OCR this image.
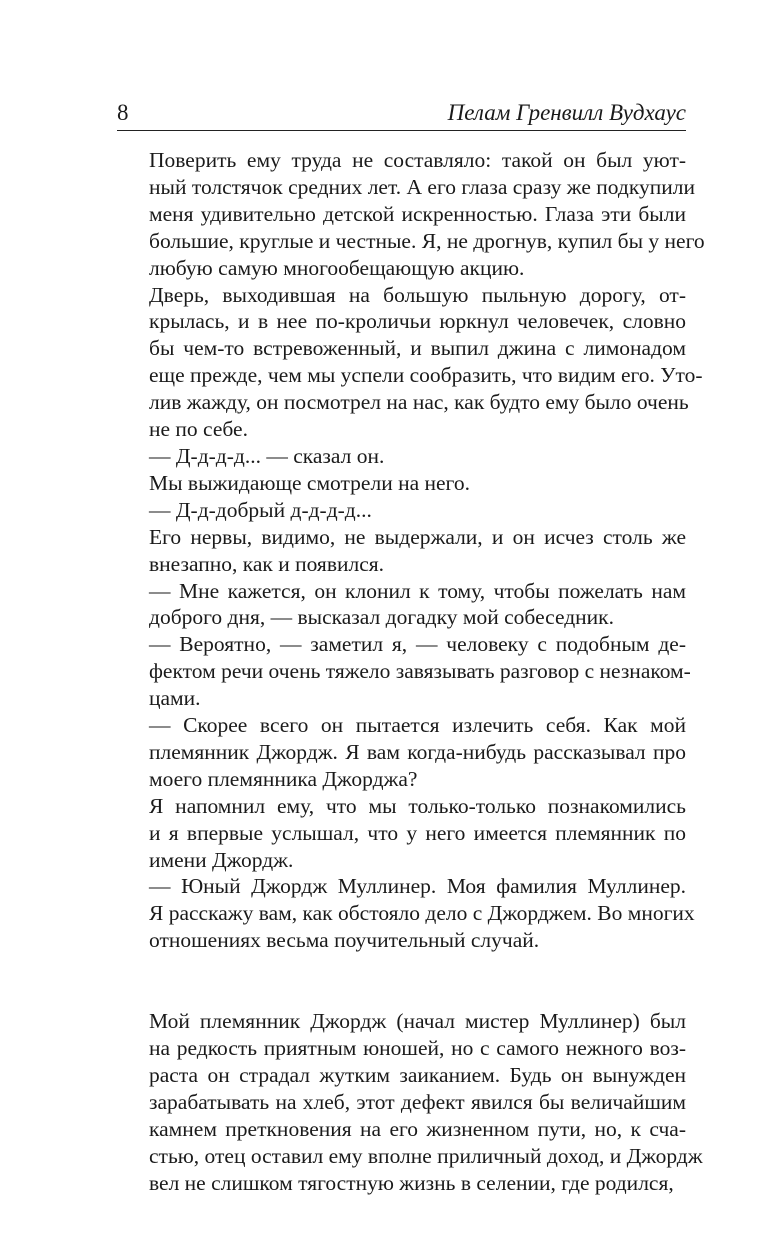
8	Пелам Гренвилл Вудхаус

Поверить ему труда не составляло: такой он был уют-
ный толстячок средних лет. А его глаза сразу же подкупили
меня удивительно детской искренностью. Глаза эти были
большие, круглые и честные. Я, не дрогнув, купил бы у него
любую самую многообещающую акцию.

Дверь, выходившая на большую пыльную дорогу, от-
крылась, и в нее по-кроличьи юркнул человечек, словно
бы чем-то встревоженный, и выпил джина с лимонадом
еще прежде, чем мы успели сообразить, что видим его. Уто-
лив жажду, он посмотрел на нас, как будто ему было очень
не по себе.

— Д-д-д-д... — сказал он.

Мы выжидающе смотрели на него.

— Д-д-добрый д-д-д-д...

Его нервы, видимо, не выдержали, и он исчез столь же
внезапно, как и появился.

— Мне кажется, он клонил к тому, чтобы пожелать нам
доброго дня, — высказал догадку мой собеседник.

— Вероятно, — заметил я, — человеку с подобным де-
фектом речи очень тяжело завязывать разговор с незнаком-
цами.

— Скорее всего он пытается излечить себя. Как мой
племянник Джордж. Я вам когда-нибудь рассказывал про
моего племянника Джорджа?

Я напомнил ему, что мы только-только познакомились
и я впервые услышал, что у него имеется племянник по
имени Джордж.

— Юный Джордж Муллинер. Моя фамилия Муллинер.
Я расскажу вам, как обстояло дело с Джорджем. Во многих
отношениях весьма поучительный случай.

Мой племянник Джордж (начал мистер Муллинер) был
на редкость приятным юношей, но с самого нежного воз-
раста он страдал жутким заиканием. Будь он вынужден
зарабатывать на хлеб, этот дефект явился бы величайшим
камнем преткновения на его жизненном пути, но, к сча-
стью, отец оставил ему вполне приличный доход, и Джордж
вел не слишком тягостную жизнь в селении, где родился,
